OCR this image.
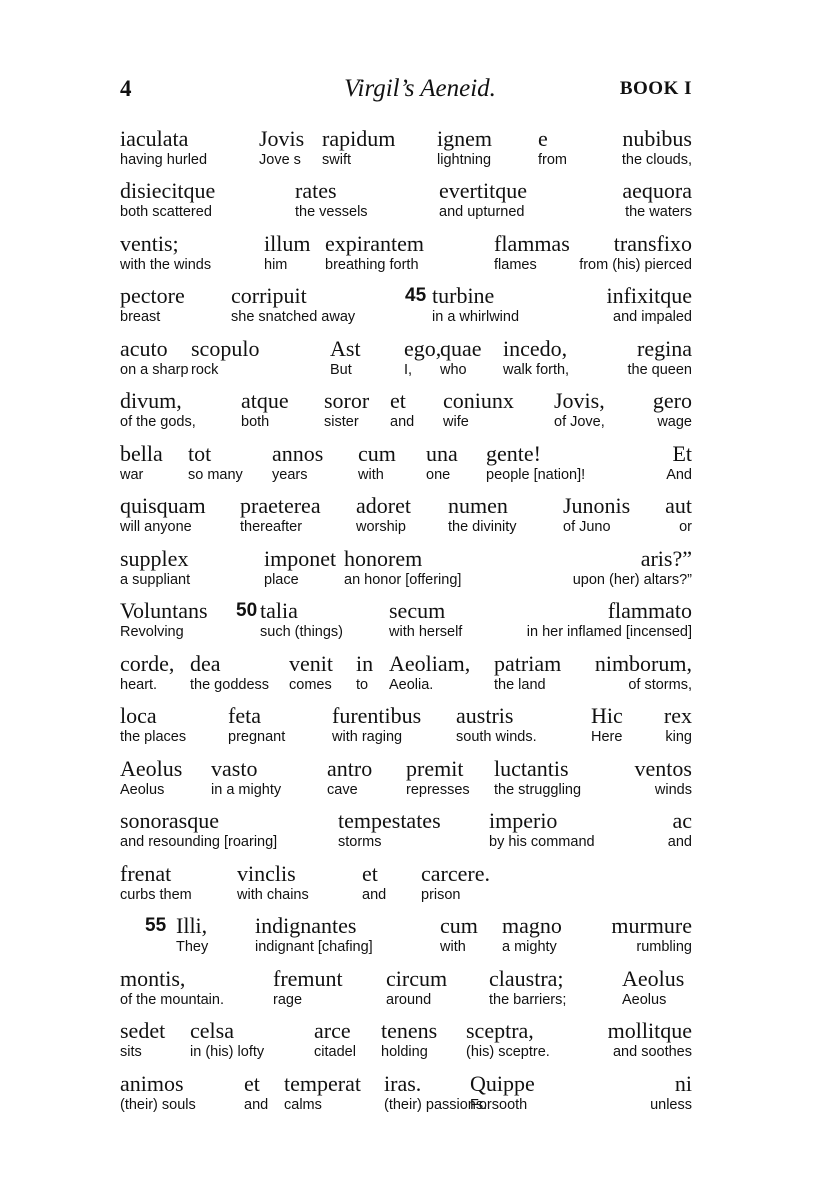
4	Virgil’s Aeneid.	BOOK I
iaculata
having hurled
Jovis
Jove s
rapidum
swift
ignem
lightning
e
from
nubibus
the clouds,
disiecitque
both scattered
rates
the vessels
evertitque
and upturned
aequora
the waters
ventis;
with the winds
illum
him
expirantem
breathing forth
flammas
flames
transfixo
from (his) pierced
pectore
breast
corripuit
she snatched away
45 turbine
in a whirlwind
infixitque
and impaled
acuto
on a sharp
scopulo
rock
Ast
But
ego,
I,
quae
who
incedo,
walk forth,
regina
the queen
divum,
of the gods,
atque
both
soror
sister
et
and
coniunx
wife
Jovis,
of Jove,
gero
wage
bella
war
tot
so many
annos
years
cum
with
una
one
gente!
people [nation]!
Et
And
quisquam
will anyone
praeterea
thereafter
adoret
worship
numen
the divinity
Junonis
of Juno
aut
or
supplex
a suppliant
imponet
place
honorem
an honor [offering]
aris?”
upon (her) altars?”
Voluntans
Revolving
50 talia
such (things)
secum
with herself
flammato
in her inflamed [incensed]
corde,
heart.
dea
the goddess
venit
comes
in
to
Aeoliam,
Aeolia.
patriam
the land
nimborum,
of storms,
loca
the places
feta
pregnant
furentibus
with raging
austris
south winds.
Hic
Here
rex
king
Aeolus
Aeolus
vasto
in a mighty
antro
cave
premit
represses
luctantis
the struggling
ventos
winds
sonorasque
and resounding [roaring]
tempestates
storms
imperio
by his command
ac
and
frenat
curbs them
vinclis
with chains
et
and
carcere.
prison
55 Illi,
They
indignantes
indignant [chafing]
cum
with
magno
a mighty
murmure
rumbling
montis,
of the mountain.
fremunt
rage
circum
around
claustra;
the barriers;
Aeolus
Aeolus
sedet
sits
celsa
in (his) lofty
arce
citadel
tenens
holding
sceptra,
(his) sceptre.
mollitque
and soothes
animos
(their) souls
et
and
temperat
calms
iras.
(their) passions.
Quippe
Forsooth
ni
unless
